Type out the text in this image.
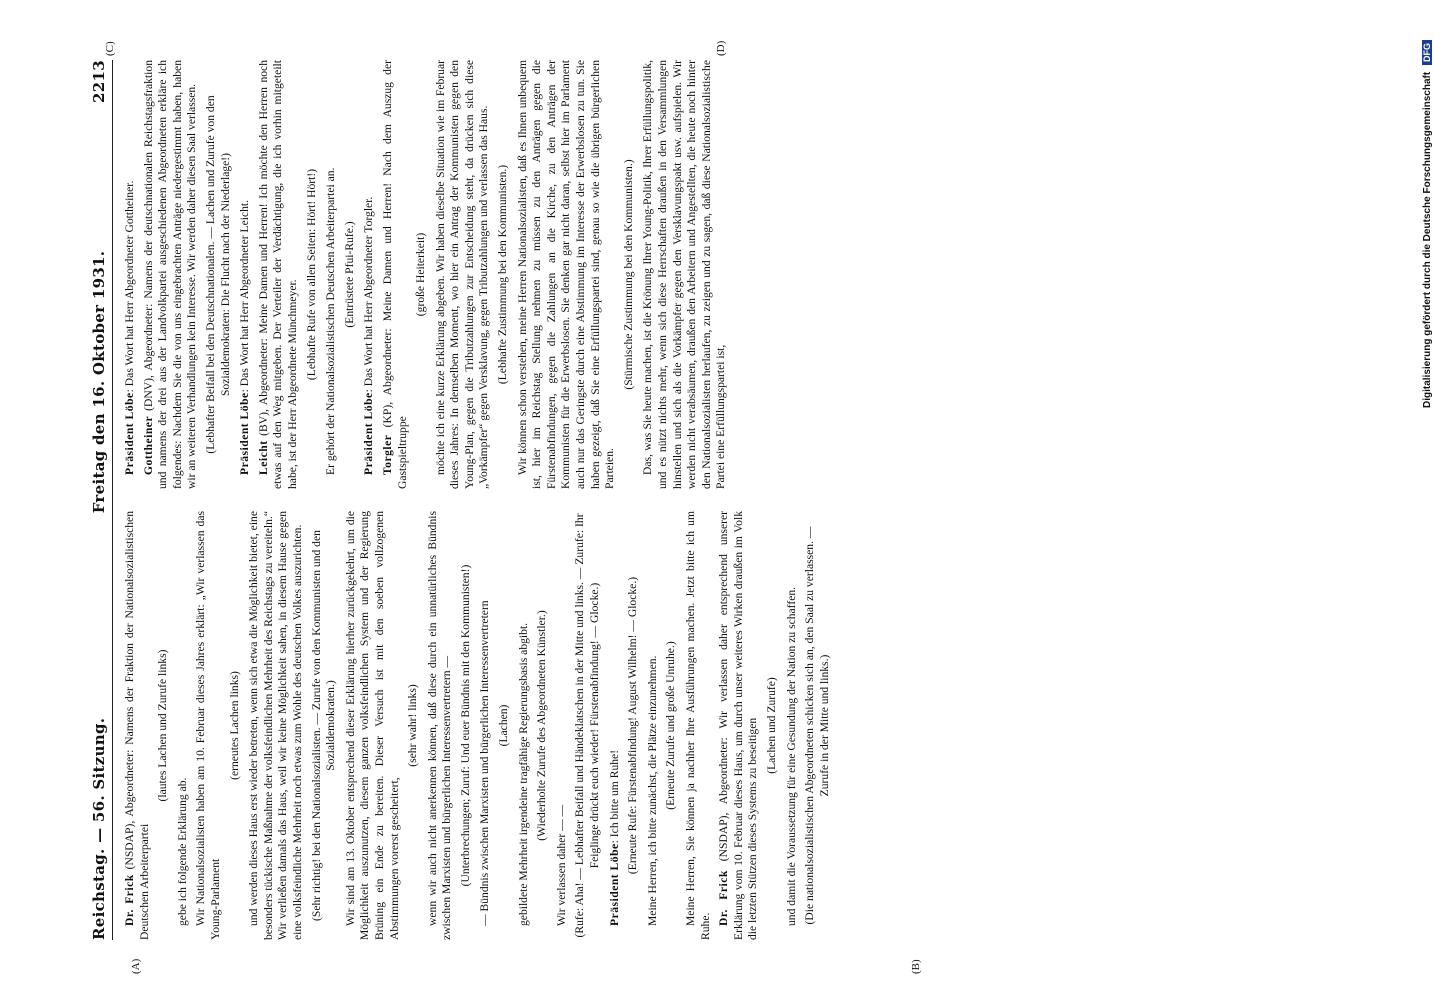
Reichstag. — 56. Sitzung.
Freitag den 16. Oktober 1931.
2213

Dr. Frick (NSDAP), Abgeordneter: Namens der Fraktion der Nationalsozialistischen Deutschen Arbeiterpartei

(lautes Lachen und Zurufe links)

gebe ich folgende Erklärung ab. Wir Nationalsozialisten haben am 10. Februar dieses Jahres erklärt: „Wir verlassen das Young-Parlament

(erneutes Lachen links) und werden dieses Haus erst wieder betreten, wenn sich etwa die Möglichkeit bietet, eine besonders tückische Maßnahme der volksfeindlichen Mehrheit des Reichstags zu vereiteln.“ Wir verließen damals das Haus, weil wir keine Möglichkeit sahen, in diesem Hause gegen eine volksfeindliche Mehrheit noch etwas zum Wohle des deutschen Volkes auszurichten. (Sehr richtig! bei den Nationalsozialisten. — Zurufe von den Kommunisten und den Sozialdemokraten.) Wir sind am 13. Oktober entsprechend dieser Erklärung hierher zurückgekehrt, um die Möglichkeit auszunutzen, diesem ganzen volksfeindlichen System und der Regierung Brüning ein Ende zu bereiten. Dieser Versuch ist mit den soeben vollzogenen Abstimmungen vorerst gescheitert,

(sehr wahr! links) wenn wir auch nicht anerkennen können, daß diese durch ein unnatürliches Bündnis zwischen Marxisten und bürgerlichen Interessenvertretern — (Unterbrechungen; Zuruf: Und euer Bündnis mit den Kommunisten!) — Bündnis zwischen Marxisten und bürgerlichen Interessenvertretern (Lachen) gebildete Mehrheit irgendeine tragfähige Regierungsbasis abgibt. (Wiederholte Zurufe des Abgeordneten Künstler.)

Wir verlassen daher — — (Rufe: Aha! — Lebhafter Beifall und Händeklatschen in der Mitte und links. — Zurufe: Ihr Feiglinge drückt euch wieder! Fürstenabfindung! — Glocke.)

Präsident Löbe: Ich bitte um Ruhe! (Erneute Rufe: Fürstenabfindung! August Wilhelm! — Glocke.) Meine Herren, ich bitte zunächst, die Plätze einzunehmen. (Erneute Zurufe und große Unruhe.) Meine Herren, Sie können ja nachher Ihre Ausführungen machen. Jetzt bitte ich um Ruhe.

Dr. Frick (NSDAP), Abgeordneter: Wir verlassen daher entsprechend unserer Erklärung vom 10. Februar dieses Haus, um durch unser weiteres Wirken draußen im Volk die letzten Stützen dieses Systems zu beseitigen (Lachen und Zurufe) und damit die Voraussetzung für eine Gesundung der Nation zu schaffen. (Die nationalsozialistischen Abgeordneten schicken sich an, den Saal zu verlassen. — Zurufe in der Mitte und links.)

Präsident Löbe: Das Wort hat Herr Abgeordneter Gottheiner.

Gottheiner (DNV), Abgeordneter: Namens der deutschnationalen Reichstagsfraktion und namens der drei aus der Landvolkpartei ausgeschiedenen Abgeordneten erkläre ich folgendes: Nachdem Sie die von uns eingebrachten Anträge niedergestimmt haben, haben wir an weiteren Verhandlungen kein Interesse. Wir werden daher diesen Saal verlassen. (Lebhafter Beifall bei den Deutschnationalen. — Lachen und Zurufe von den Sozialdemokraten: Die Flucht nach der Niederlage!)

Präsident Löbe: Das Wort hat Herr Abgeordneter Leicht.

Leicht (BV), Abgeordneter: Meine Damen und Herren! Ich möchte den Herren noch etwas auf den Weg mitgeben. Der Verteiler der Verdächtigung, die ich vorhin mitgeteilt habe, ist der Herr Abgeordnete Münchmeyer.

(Lebhafte Rufe von allen Seiten: Hört! Hört!) Er gehört der Nationalsozialistischen Deutschen Arbeiterpartei an. (Entrüstete Pfui-Rufe.)

Präsident Löbe: Das Wort hat Herr Abgeordneter Torgler.

Torgler (KP), Abgeordneter: Meine Damen und Herren! Nach dem Auszug der Gastspieltruppe

(große Heiterkeit) möchte ich eine kurze Erklärung abgeben. Wir haben dieselbe Situation wie im Februar dieses Jahres: In demselben Moment, wo hier ein Antrag der Kommunisten gegen den Young-Plan, gegen die Tributzahlungen zur Entscheidung steht, da drücken sich diese „Vorkämpfer“ gegen Versklavung, gegen Tributzahlungen und verlassen das Haus. (Lebhafte Zustimmung bei den Kommunisten.) Wir können schon verstehen, meine Herren Nationalsozialisten, daß es Ihnen unbequem ist, hier im Reichstag Stellung nehmen zu müssen zu den Anträgen gegen die Fürstenabfindungen, gegen die Zahlungen an die Kirche, zu den Anträgen der Kommunisten für die Erwerbslosen. Sie denken gar nicht daran, selbst hier im Parlament auch nur das Geringste durch eine Abstimmung im Interesse der Erwerbslosen zu tun. Sie haben gezeigt, daß Sie eine Erfüllungspartei sind, genau so wie die übrigen bürgerlichen Parteien.

(Stürmische Zustimmung bei den Kommunisten.) Das, was Sie heute machen, ist die Krönung Ihrer Young-Politik, Ihrer Erfüllungspolitik, und es nützt nichts mehr, wenn sich diese Herrschaften draußen in den Versammlungen hinstellen und sich als die Vorkämpfer gegen den Versklavungspakt usw. aufspielen. Wir werden nicht verabsäumen, draußen den Arbeitern und Angestellten, die heute noch hinter den Nationalsozialisten herlaufen, zu zeigen und zu sagen, daß diese Nationalsozialistische Partei eine Erfüllungspartei ist,

(A)	(B)
(C)	(D)
Digitalisierung gefördert durch die Deutsche Forschungsgemeinschaft DFG
